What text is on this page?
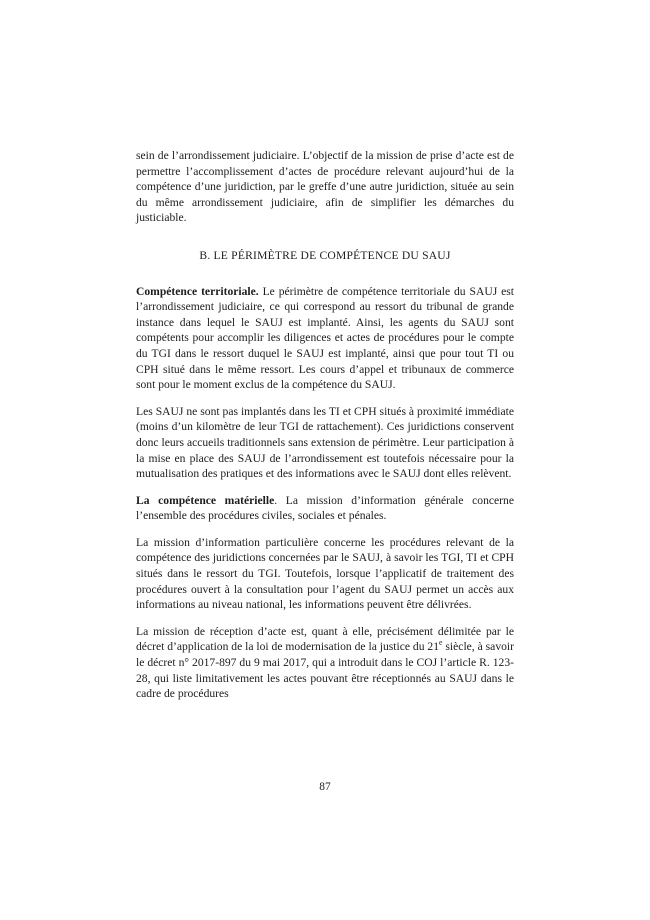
sein de l’arrondissement judiciaire. L’objectif de la mission de prise d’acte est de permettre l’accomplissement d’actes de procédure relevant aujourd’hui de la compétence d’une juridiction, par le greffe d’une autre juridiction, située au sein du même arrondissement judiciaire, afin de simplifier les démarches du justiciable.

B. LE PÉRIMÈTRE DE COMPÉTENCE DU SAUJ

Compétence territoriale. Le périmètre de compétence territoriale du SAUJ est l’arrondissement judiciaire, ce qui correspond au ressort du tribunal de grande instance dans lequel le SAUJ est implanté. Ainsi, les agents du SAUJ sont compétents pour accomplir les diligences et actes de procédures pour le compte du TGI dans le ressort duquel le SAUJ est implanté, ainsi que pour tout TI ou CPH situé dans le même ressort. Les cours d’appel et tribunaux de commerce sont pour le moment exclus de la compétence du SAUJ.

Les SAUJ ne sont pas implantés dans les TI et CPH situés à proximité immédiate (moins d’un kilomètre de leur TGI de rattachement). Ces juridictions conservent donc leurs accueils traditionnels sans extension de périmètre. Leur participation à la mise en place des SAUJ de l’arrondissement est toutefois nécessaire pour la mutualisation des pratiques et des informations avec le SAUJ dont elles relèvent.

La compétence matérielle. La mission d’information générale concerne l’ensemble des procédures civiles, sociales et pénales.

La mission d’information particulière concerne les procédures relevant de la compétence des juridictions concernées par le SAUJ, à savoir les TGI, TI et CPH situés dans le ressort du TGI. Toutefois, lorsque l’applicatif de traitement des procédures ouvert à la consultation pour l’agent du SAUJ permet un accès aux informations au niveau national, les informations peuvent être délivrées.

La mission de réception d’acte est, quant à elle, précisément délimitée par le décret d’application de la loi de modernisation de la justice du 21e siècle, à savoir le décret n° 2017-897 du 9 mai 2017, qui a introduit dans le COJ l’article R. 123-28, qui liste limitativement les actes pouvant être réceptionnés au SAUJ dans le cadre de procédures

87
